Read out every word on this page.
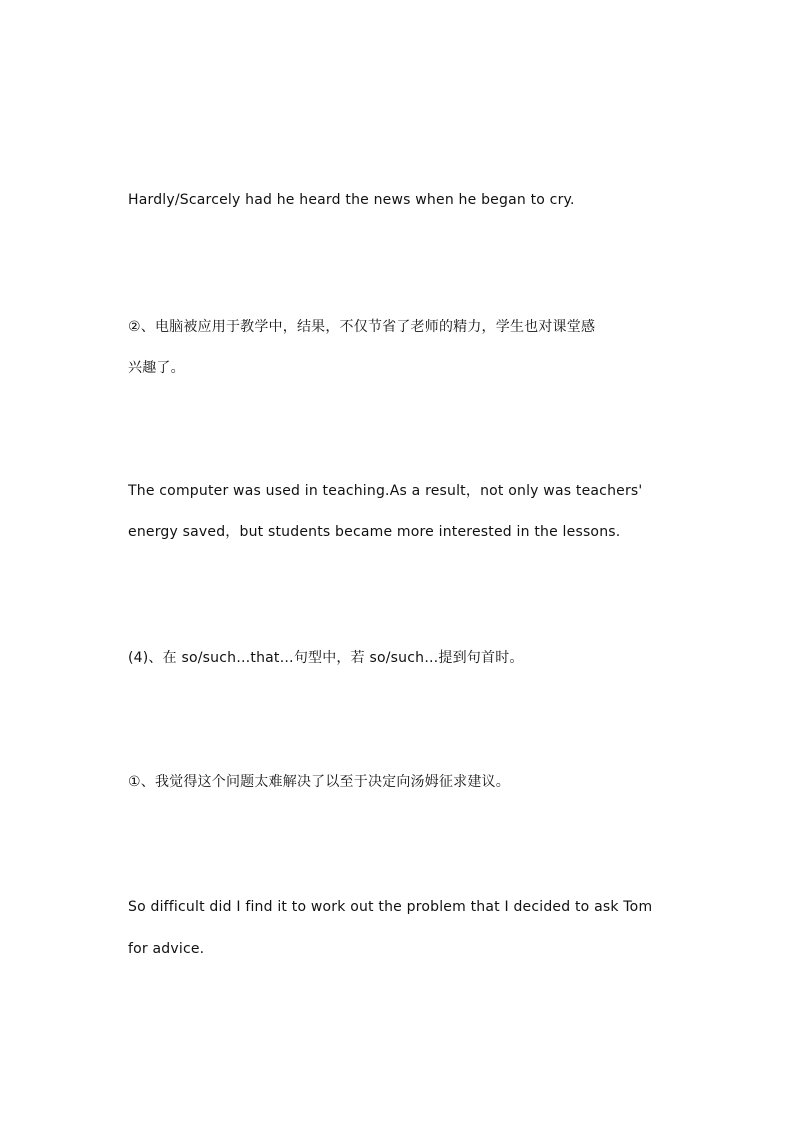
Hardly/Scarcely had he heard the news when he began to cry.
②、电脑被应用于教学中，结果，不仅节省了老师的精力，学生也对课堂感
兴趣了。
The computer was used in teaching.As a result，not only was teachers'
energy saved，but students became more interested in the lessons.
(4)、在 so/such…that…句型中，若 so/such…提到句首时。
①、我觉得这个问题太难解决了以至于决定向汤姆征求建议。
So difficult did I find it to work out the problem that I decided to ask Tom
for advice.
